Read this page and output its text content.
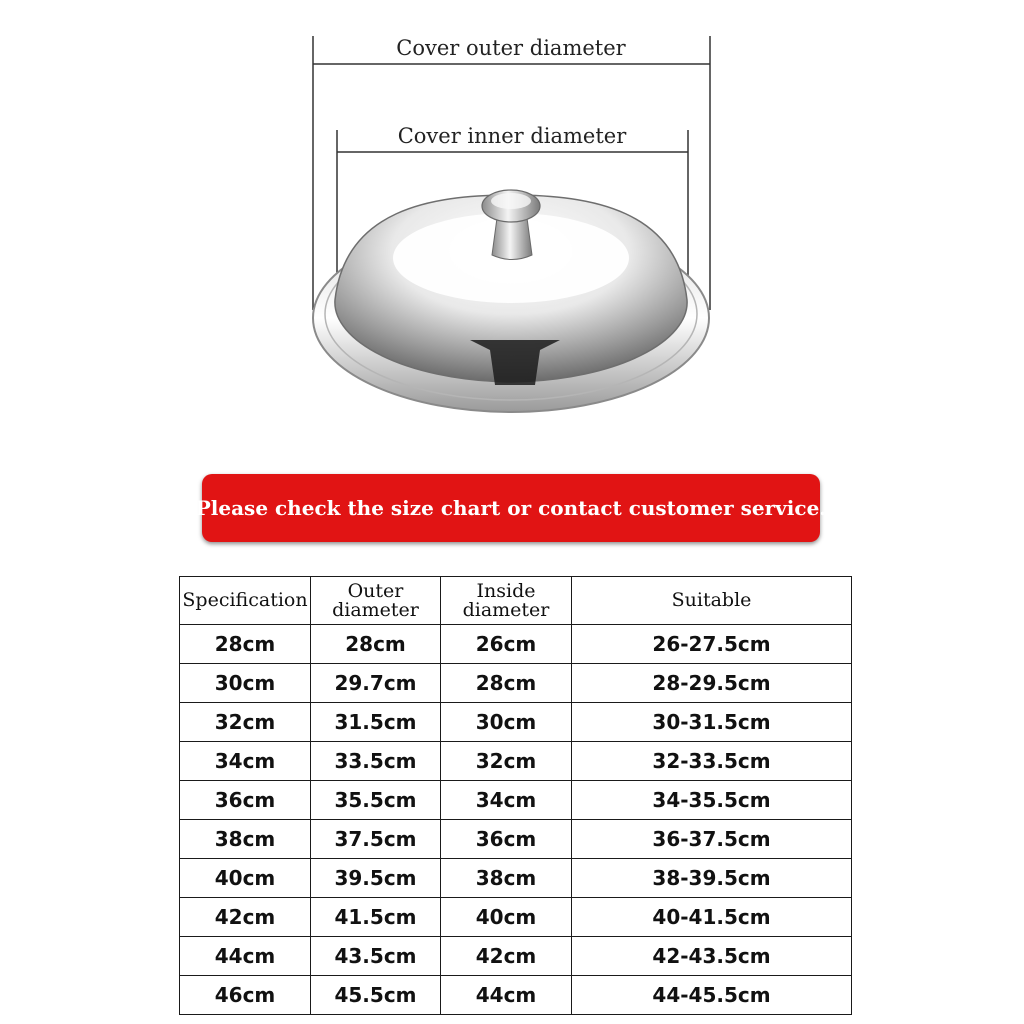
Cover outer diameter
Cover inner diameter
Please check the size chart or contact customer service.
Specification	Outer diameter	Inside diameter	Suitable
28cm	28cm	26cm	26-27.5cm
30cm	29.7cm	28cm	28-29.5cm
32cm	31.5cm	30cm	30-31.5cm
34cm	33.5cm	32cm	32-33.5cm
36cm	35.5cm	34cm	34-35.5cm
38cm	37.5cm	36cm	36-37.5cm
40cm	39.5cm	38cm	38-39.5cm
42cm	41.5cm	40cm	40-41.5cm
44cm	43.5cm	42cm	42-43.5cm
46cm	45.5cm	44cm	44-45.5cm
